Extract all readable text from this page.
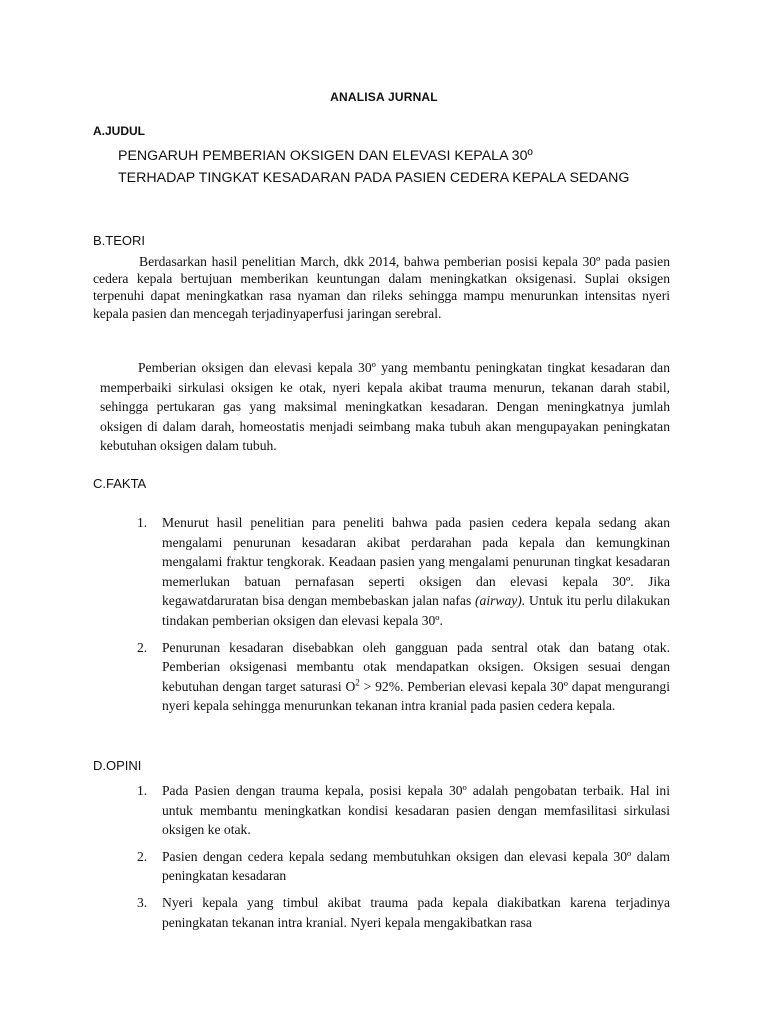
ANALISA JURNAL
A.JUDUL
PENGARUH PEMBERIAN OKSIGEN DAN ELEVASI KEPALA 30º
TERHADAP TINGKAT KESADARAN PADA PASIEN CEDERA KEPALA SEDANG
B.TEORI

Berdasarkan hasil penelitian March, dkk 2014, bahwa pemberian posisi kepala 30º pada pasien cedera kepala bertujuan memberikan keuntungan dalam meningkatkan oksigenasi. Suplai oksigen terpenuhi dapat meningkatkan rasa nyaman dan rileks sehingga mampu menurunkan intensitas nyeri kepala pasien dan mencegah terjadinyaperfusi jaringan serebral.

Pemberian oksigen dan elevasi kepala 30º yang membantu peningkatan tingkat kesadaran dan memperbaiki sirkulasi oksigen ke otak, nyeri kepala akibat trauma menurun, tekanan darah stabil, sehingga pertukaran gas yang maksimal meningkatkan kesadaran. Dengan meningkatnya jumlah oksigen di dalam darah, homeostatis menjadi seimbang maka tubuh akan mengupayakan peningkatan kebutuhan oksigen dalam tubuh.

C.FAKTA
1. Menurut hasil penelitian para peneliti bahwa pada pasien cedera kepala sedang akan mengalami penurunan kesadaran akibat perdarahan pada kepala dan kemungkinan mengalami fraktur tengkorak. Keadaan pasien yang mengalami penurunan tingkat kesadaran memerlukan batuan pernafasan seperti oksigen dan elevasi kepala 30º. Jika kegawatdaruratan bisa dengan membebaskan jalan nafas (airway). Untuk itu perlu dilakukan tindakan pemberian oksigen dan elevasi kepala 30º.
2. Penurunan kesadaran disebabkan oleh gangguan pada sentral otak dan batang otak. Pemberian oksigenasi membantu otak mendapatkan oksigen. Oksigen sesuai dengan kebutuhan dengan target saturasi $O^2 > 92\%$. Pemberian elevasi kepala 30º dapat mengurangi nyeri kepala sehingga menurunkan tekanan intra kranial pada pasien cedera kepala.
D.OPINI
1. Pada Pasien dengan trauma kepala, posisi kepala 30º adalah pengobatan terbaik. Hal ini untuk membantu meningkatkan kondisi kesadaran pasien dengan memfasilitasi sirkulasi oksigen ke otak.
2. Pasien dengan cedera kepala sedang membutuhkan oksigen dan elevasi kepala 30º dalam peningkatan kesadaran
3. Nyeri kepala yang timbul akibat trauma pada kepala diakibatkan karena terjadinya peningkatan tekanan intra kranial. Nyeri kepala mengakibatkan rasa
